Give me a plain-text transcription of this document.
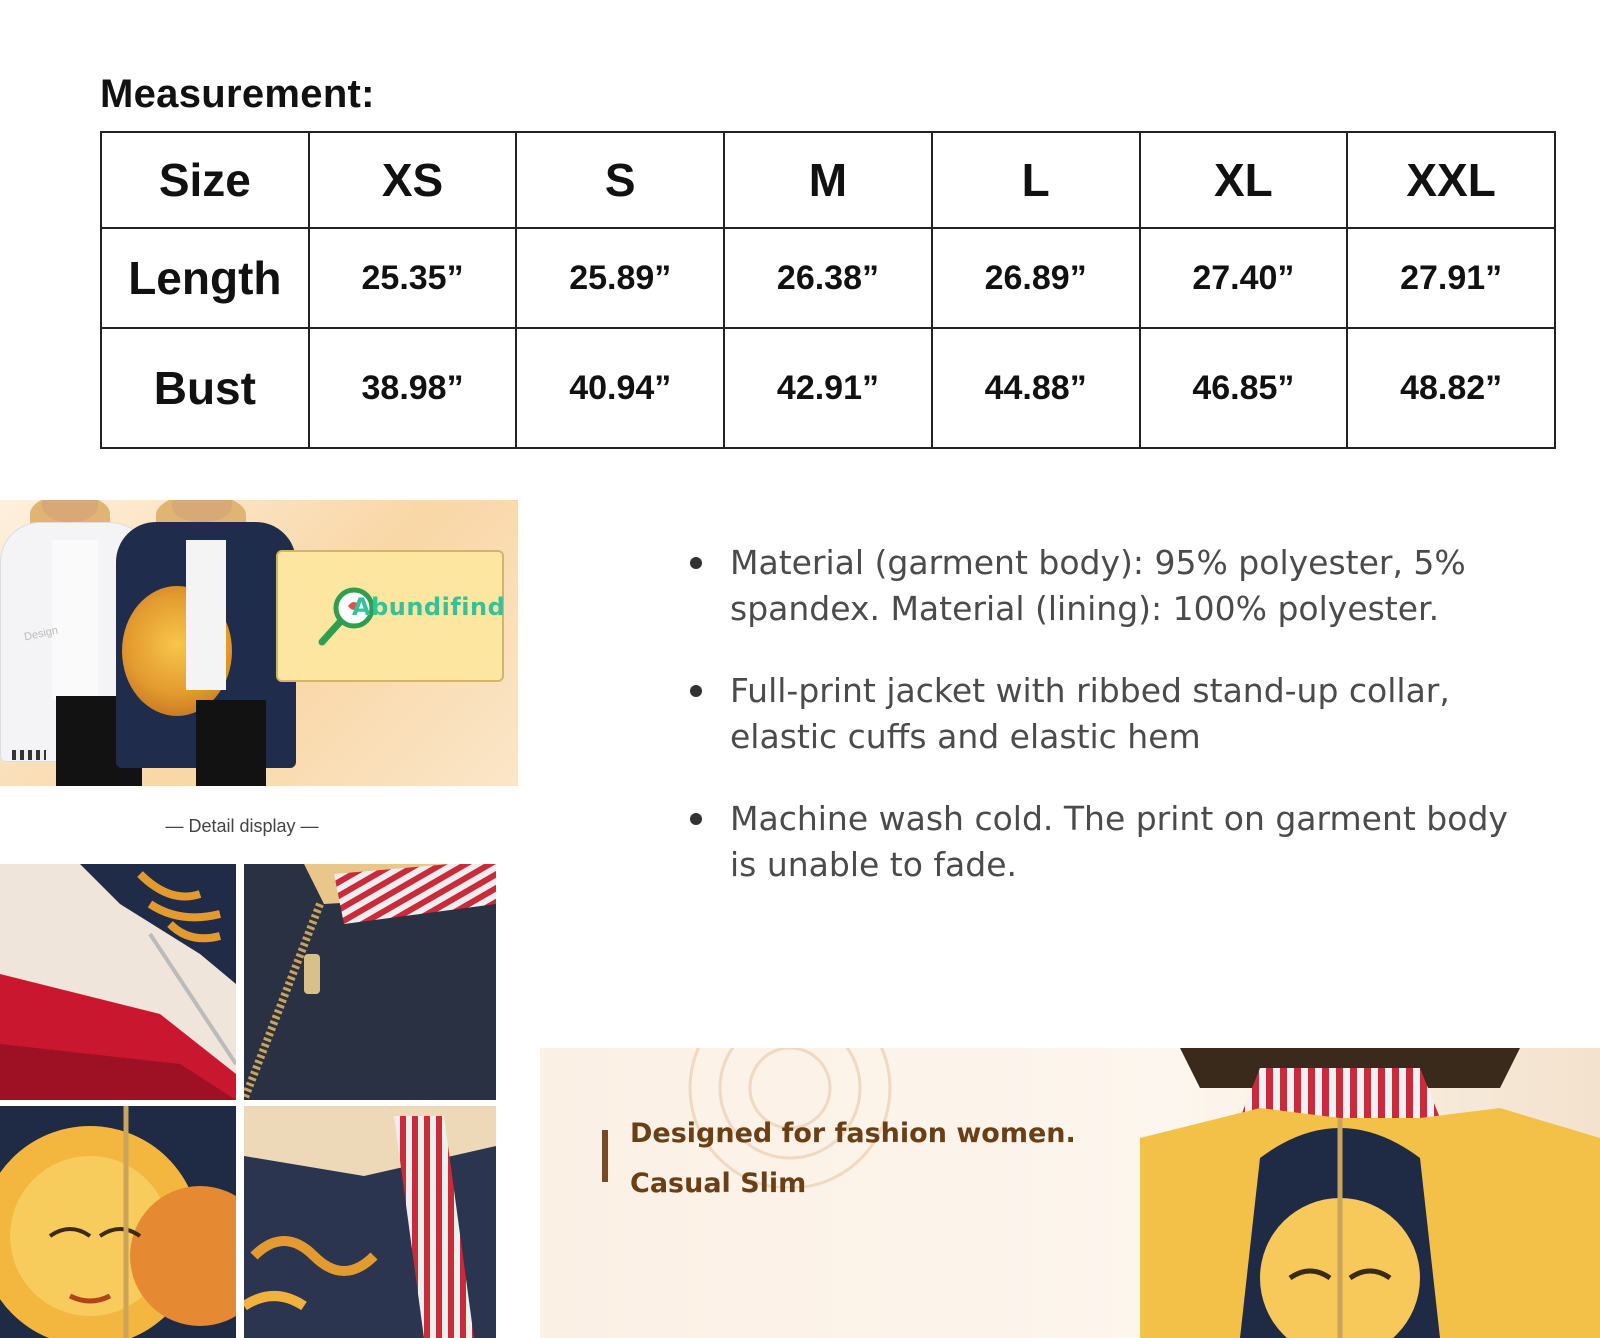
Measurement:
Size	XS	S	M	L	XL	XXL
Length	25.35”	25.89”	26.38”	26.89”	27.40”	27.91”
Bust	38.98”	40.94”	42.91”	44.88”	46.85”	48.82”
Design
Abundifind
— Detail display —
Material (garment body): 95% polyester, 5% spandex. Material (lining): 100% polyester.
Full-print jacket with ribbed stand-up collar, elastic cuffs and elastic hem
Machine wash cold. The print on garment body is unable to fade.
Designed for fashion women.
Casual Slim
